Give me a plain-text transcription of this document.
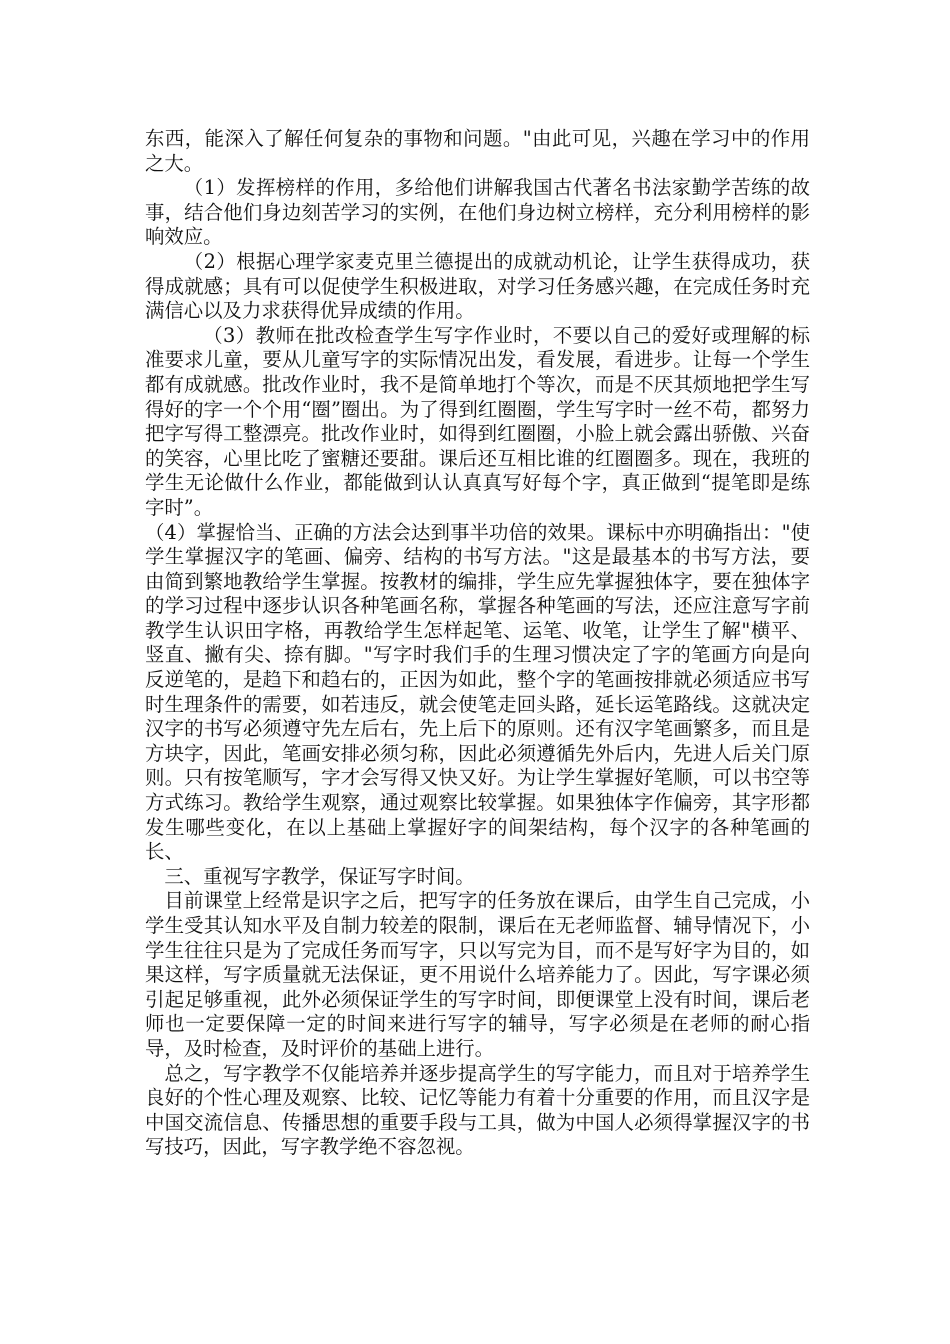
东西，能深入了解任何复杂的事物和问题。"由此可见，兴趣在学习中的作用之大。

（1）发挥榜样的作用，多给他们讲解我国古代著名书法家勤学苦练的故事，结合他们身边刻苦学习的实例，在他们身边树立榜样，充分利用榜样的影响效应。

（2）根据心理学家麦克里兰德提出的成就动机论，让学生获得成功，获得成就感；具有可以促使学生积极进取，对学习任务感兴趣，在完成任务时充满信心以及力求获得优异成绩的作用。

（3）教师在批改检查学生写字作业时，不要以自己的爱好或理解的标准要求儿童，要从儿童写字的实际情况出发，看发展，看进步。让每一个学生都有成就感。批改作业时，我不是简单地打个等次，而是不厌其烦地把学生写得好的字一个个用“圈”圈出。为了得到红圈圈，学生写字时一丝不苟，都努力把字写得工整漂亮。批改作业时，如得到红圈圈，小脸上就会露出骄傲、兴奋的笑容，心里比吃了蜜糖还要甜。课后还互相比谁的红圈圈多。现在，我班的学生无论做什么作业，都能做到认认真真写好每个字，真正做到“提笔即是练字时”。

（4）掌握恰当、正确的方法会达到事半功倍的效果。课标中亦明确指出："使学生掌握汉字的笔画、偏旁、结构的书写方法。"这是最基本的书写方法，要由简到繁地教给学生掌握。按教材的编排，学生应先掌握独体字，要在独体字的学习过程中逐步认识各种笔画名称，掌握各种笔画的写法，还应注意写字前教学生认识田字格，再教给学生怎样起笔、运笔、收笔，让学生了解"横平、竖直、撇有尖、捺有脚。"写字时我们手的生理习惯决定了字的笔画方向是向反逆笔的，是趋下和趋右的，正因为如此，整个字的笔画按排就必须适应书写时生理条件的需要，如若违反，就会使笔走回头路，延长运笔路线。这就决定汉字的书写必须遵守先左后右，先上后下的原则。还有汉字笔画繁多，而且是方块字，因此，笔画安排必须匀称，因此必须遵循先外后内，先进人后关门原则。只有按笔顺写，字才会写得又快又好。为让学生掌握好笔顺，可以书空等方式练习。教给学生观察，通过观察比较掌握。如果独体字作偏旁，其字形都发生哪些变化，在以上基础上掌握好字的间架结构，每个汉字的各种笔画的长、

三、重视写字教学，保证写字时间。

目前课堂上经常是识字之后，把写字的任务放在课后，由学生自己完成，小学生受其认知水平及自制力较差的限制，课后在无老师监督、辅导情况下，小学生往往只是为了完成任务而写字，只以写完为目，而不是写好字为目的，如果这样，写字质量就无法保证，更不用说什么培养能力了。因此，写字课必须引起足够重视，此外必须保证学生的写字时间，即便课堂上没有时间，课后老师也一定要保障一定的时间来进行写字的辅导，写字必须是在老师的耐心指导，及时检查，及时评价的基础上进行。

总之，写字教学不仅能培养并逐步提高学生的写字能力，而且对于培养学生良好的个性心理及观察、比较、记忆等能力有着十分重要的作用，而且汉字是中国交流信息、传播思想的重要手段与工具，做为中国人必须得掌握汉字的书写技巧，因此，写字教学绝不容忽视。
